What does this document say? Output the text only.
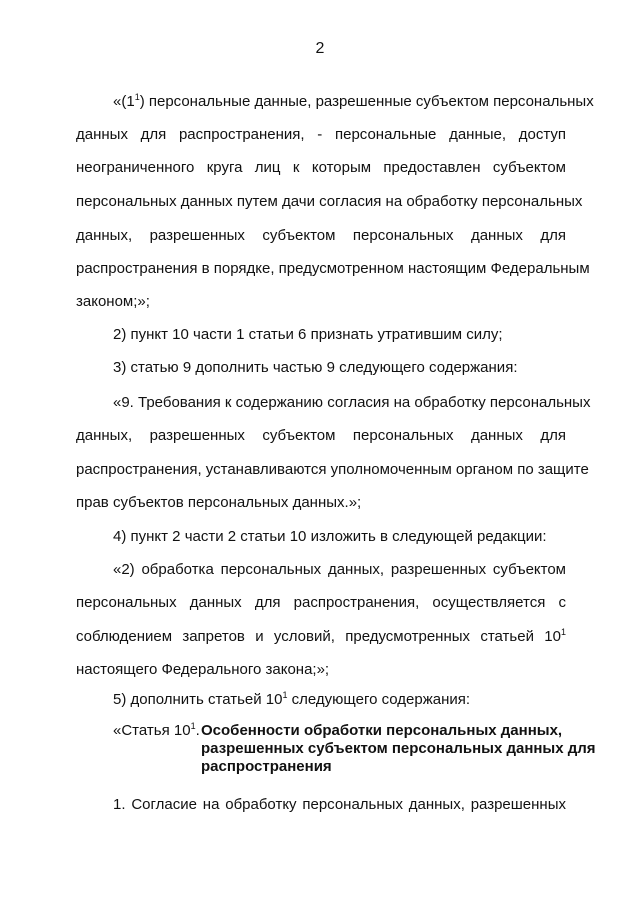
2
«$(1^1)$ персональные данные, разрешенные субъектом персональных
данных для распространения, - персональные данные, доступ
неограниченного круга лиц к которым предоставлен субъектом
персональных данных путем дачи согласия на обработку персональных
данных, разрешенных субъектом персональных данных для
распространения в порядке, предусмотренном настоящим Федеральным
законом;»;
2) пункт 10 части 1 статьи 6 признать утратившим силу;
3) статью 9 дополнить частью 9 следующего содержания:
«9. Требования к содержанию согласия на обработку персональных
данных, разрешенных субъектом персональных данных для
распространения, устанавливаются уполномоченным органом по защите
прав субъектов персональных данных.»;
4) пункт 2 части 2 статьи 10 изложить в следующей редакции:
«2) обработка персональных данных, разрешенных субъектом
персональных данных для распространения, осуществляется с
соблюдением запретов и условий, предусмотренных статьей $10^1$
настоящего Федерального закона;»;
5) дополнить статьей $10^1$ следующего содержания:
«Статья $10^1$. Особенности обработки персональных данных,
разрешенных субъектом персональных данных для
распространения
1. Согласие на обработку персональных данных, разрешенных
